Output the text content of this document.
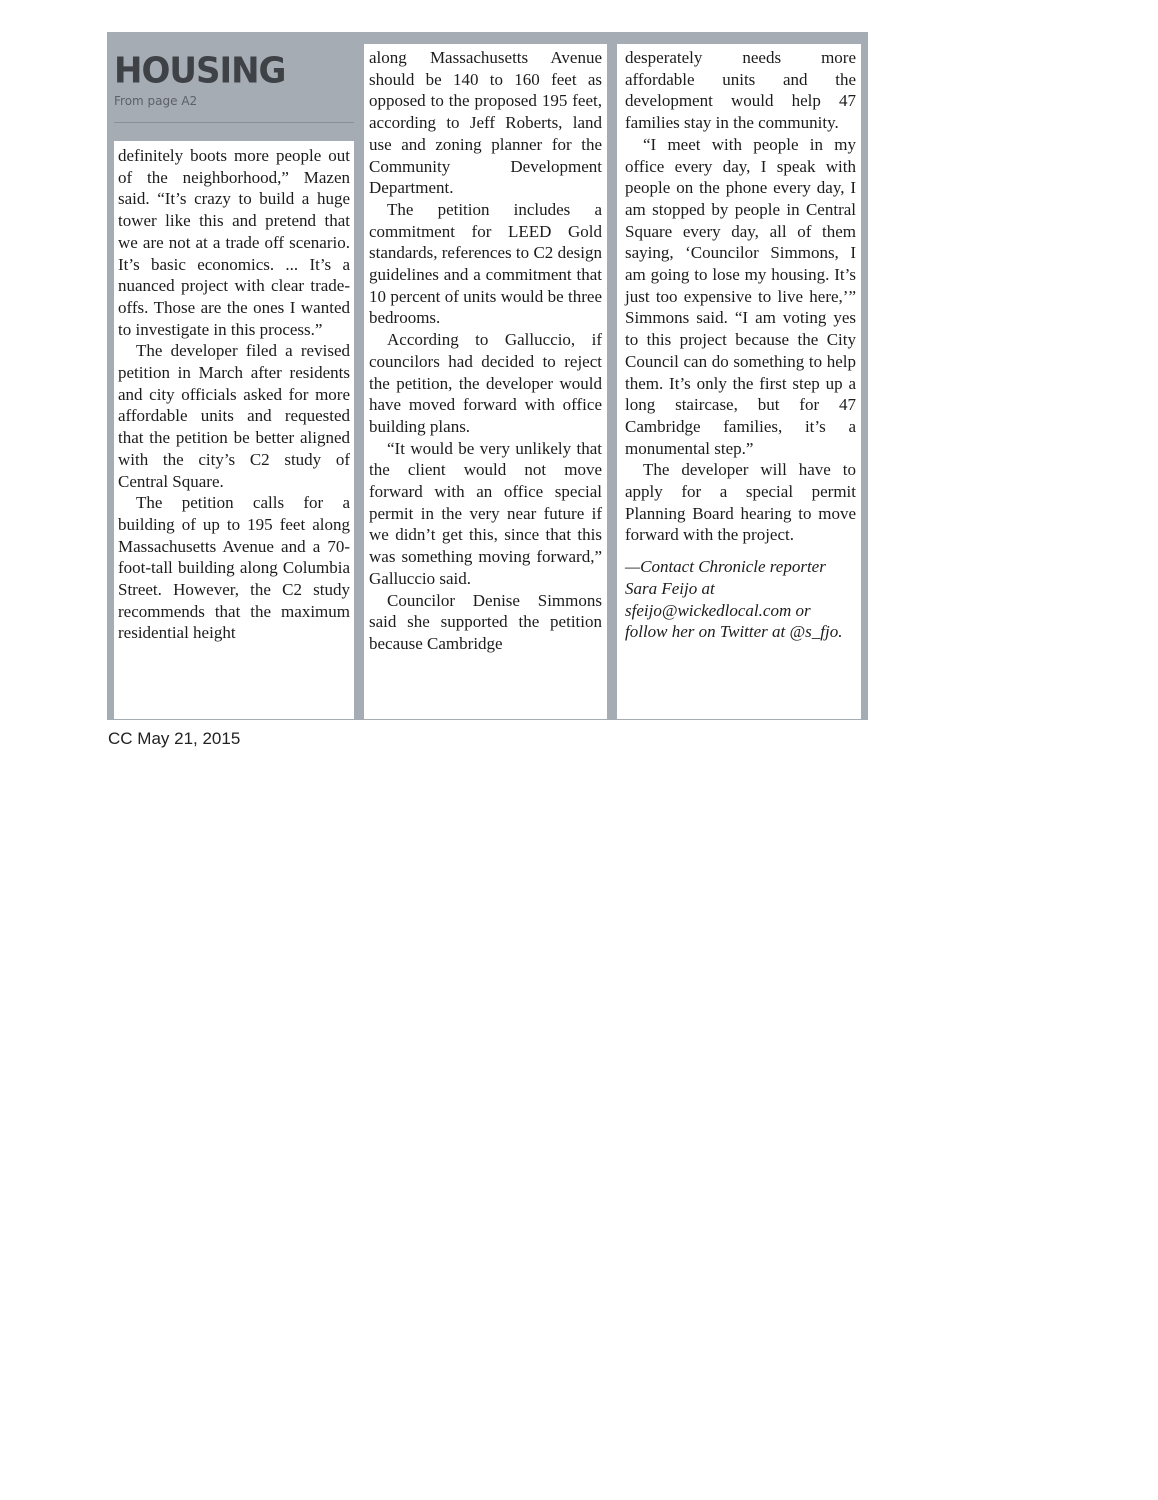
HOUSING
From page A2

definitely boots more people out of the neighborhood,” Mazen said. “It’s crazy to build a huge tower like this and pretend that we are not at a trade off scenario. It’s basic economics. ... It’s a nuanced project with clear trade-offs. Those are the ones I wanted to investigate in this process.”

The developer filed a revised petition in March after residents and city officials asked for more affordable units and requested that the petition be better aligned with the city’s C2 study of Central Square.

The petition calls for a building of up to 195 feet along Massachusetts Avenue and a 70-foot-tall building along Columbia Street. However, the C2 study recommends that the maximum residential height

along Massachusetts Avenue should be 140 to 160 feet as opposed to the proposed 195 feet, according to Jeff Roberts, land use and zoning planner for the Community Development Department.

The petition includes a commitment for LEED Gold standards, references to C2 design guidelines and a commitment that 10 percent of units would be three bedrooms.

According to Galluccio, if councilors had decided to reject the petition, the developer would have moved forward with office building plans.

“It would be very unlikely that the client would not move forward with an office special permit in the very near future if we didn’t get this, since that this was something moving forward,” Galluccio said.

Councilor Denise Simmons said she supported the petition because Cambridge

desperately needs more affordable units and the development would help 47 families stay in the community.

“I meet with people in my office every day, I speak with people on the phone every day, I am stopped by people in Central Square every day, all of them saying, ‘Councilor Simmons, I am going to lose my housing. It’s just too expensive to live here,’” Simmons said. “I am voting yes to this project because the City Council can do something to help them. It’s only the first step up a long staircase, but for 47 Cambridge families, it’s a monumental step.”

The developer will have to apply for a special permit Planning Board hearing to move forward with the project.

—Contact Chronicle reporter Sara Feijo at sfeijo@wickedlocal.com or follow her on Twitter at @s_fjo.

CC May 21, 2015
